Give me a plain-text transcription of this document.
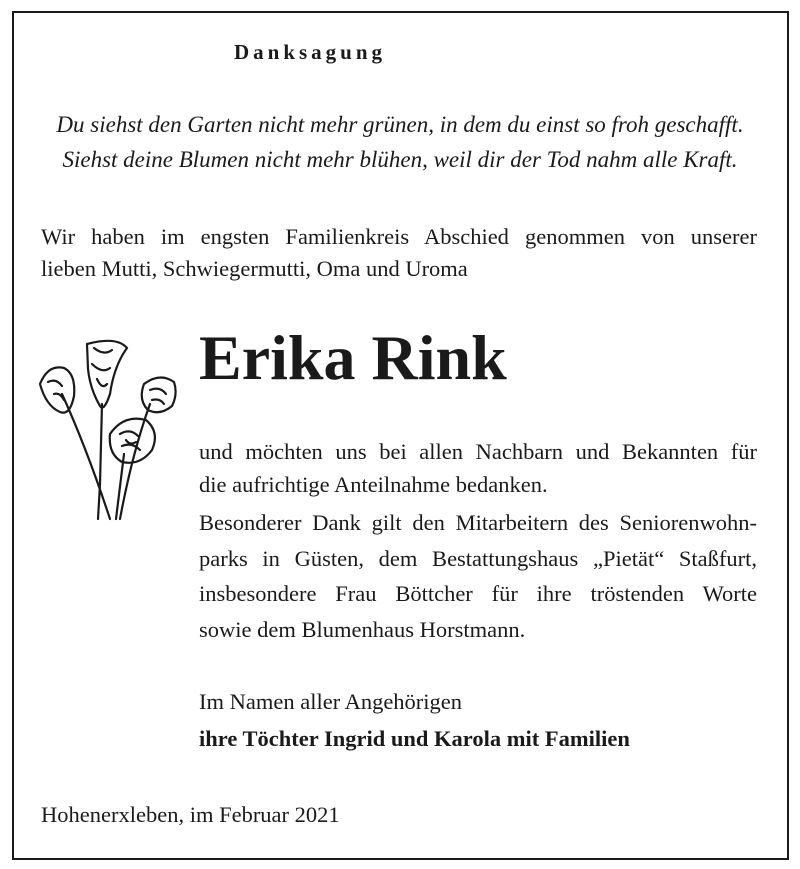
Danksagung
Du siehst den Garten nicht mehr grünen, in dem du einst so froh geschafft.
Siehst deine Blumen nicht mehr blühen, weil dir der Tod nahm alle Kraft.
Wir haben im engsten Familienkreis Abschied genommen von unserer
lieben Mutti, Schwiegermutti, Oma und Uroma
Erika Rink
und möchten uns bei allen Nachbarn und Bekannten für
die aufrichtige Anteilnahme bedanken.
Besonderer Dank gilt den Mitarbeitern des Seniorenwohn-
parks in Güsten, dem Bestattungshaus „Pietät“ Staßfurt,
insbesondere Frau Böttcher für ihre tröstenden Worte
sowie dem Blumenhaus Horstmann.
Im Namen aller Angehörigen
ihre Töchter Ingrid und Karola mit Familien
Hohenerxleben, im Februar 2021
